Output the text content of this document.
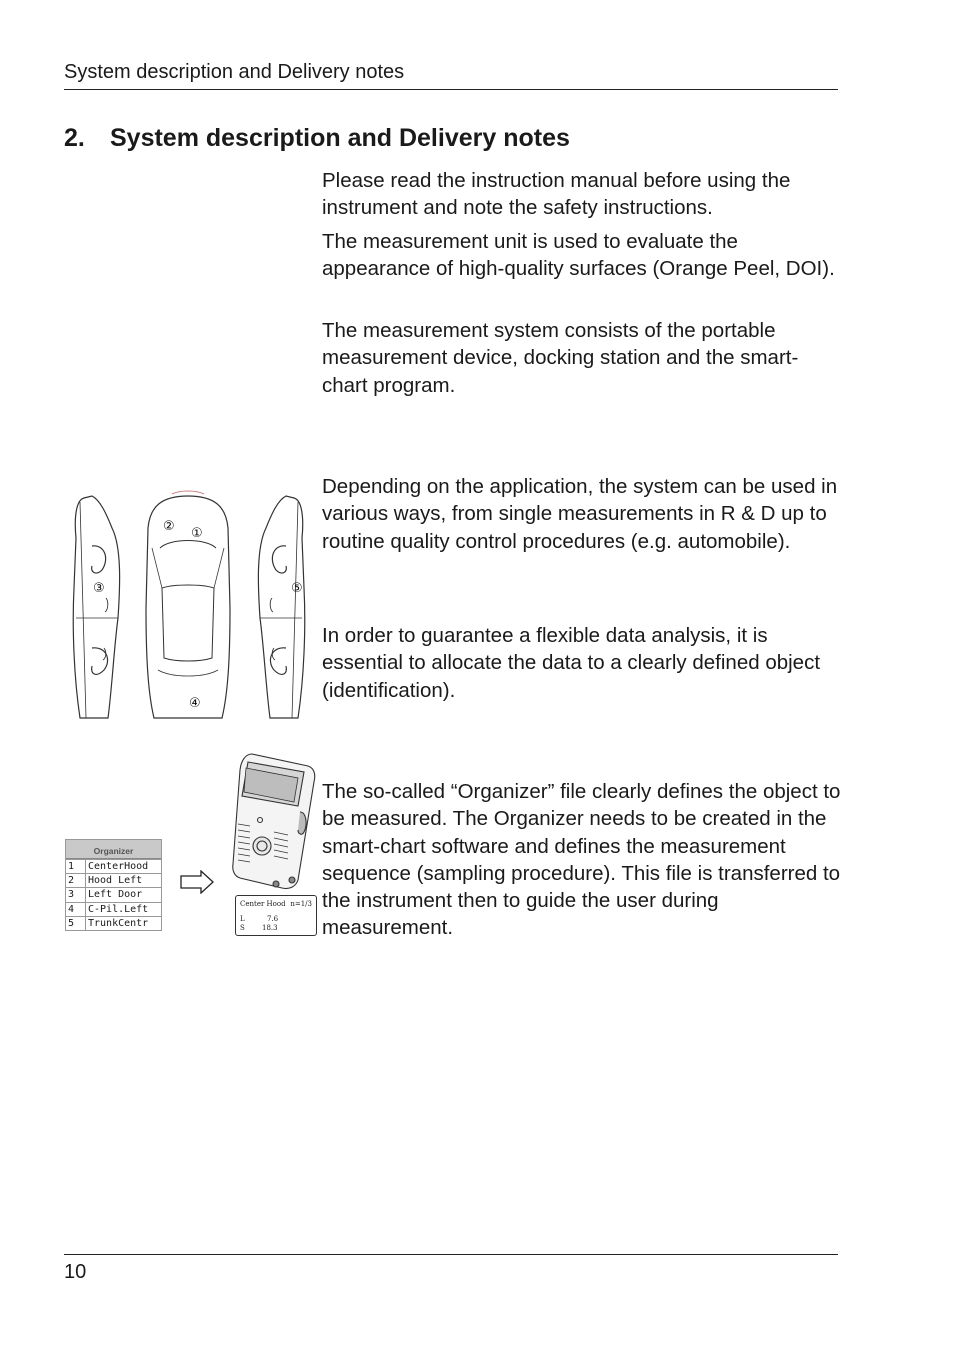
System description and Delivery notes
2. System description and Delivery notes

Please read the instruction manual before using the instrument and note the safety instructions.

The measurement unit is used to evaluate the appearance of high-quality surfaces (Orange Peel, DOI).

The measurement system consists of the portable measurement device, docking station and the smart-chart program.

Depending on the application, the system can be used in various ways, from single measurements in R & D up to routine quality control procedures (e.g. automobile).

In order to guarantee a flexible data analysis, it is essential to allocate the data to a clearly defined object (identification).

The so-called “Organizer” file clearly defines the object to be measured. The Organizer needs to be created in the smart-chart software and defines the measurement sequence (sampling procedure). This file is transferred to the instrument then to guide the user during measurement.

①
②
③
④
⑤
Organizer
1	CenterHood
2	Hood Left
3	Left Door
4	C-Pil.Left
5	TrunkCentr
Center Hood n=1/3
L	7.6
S 18.3
10
